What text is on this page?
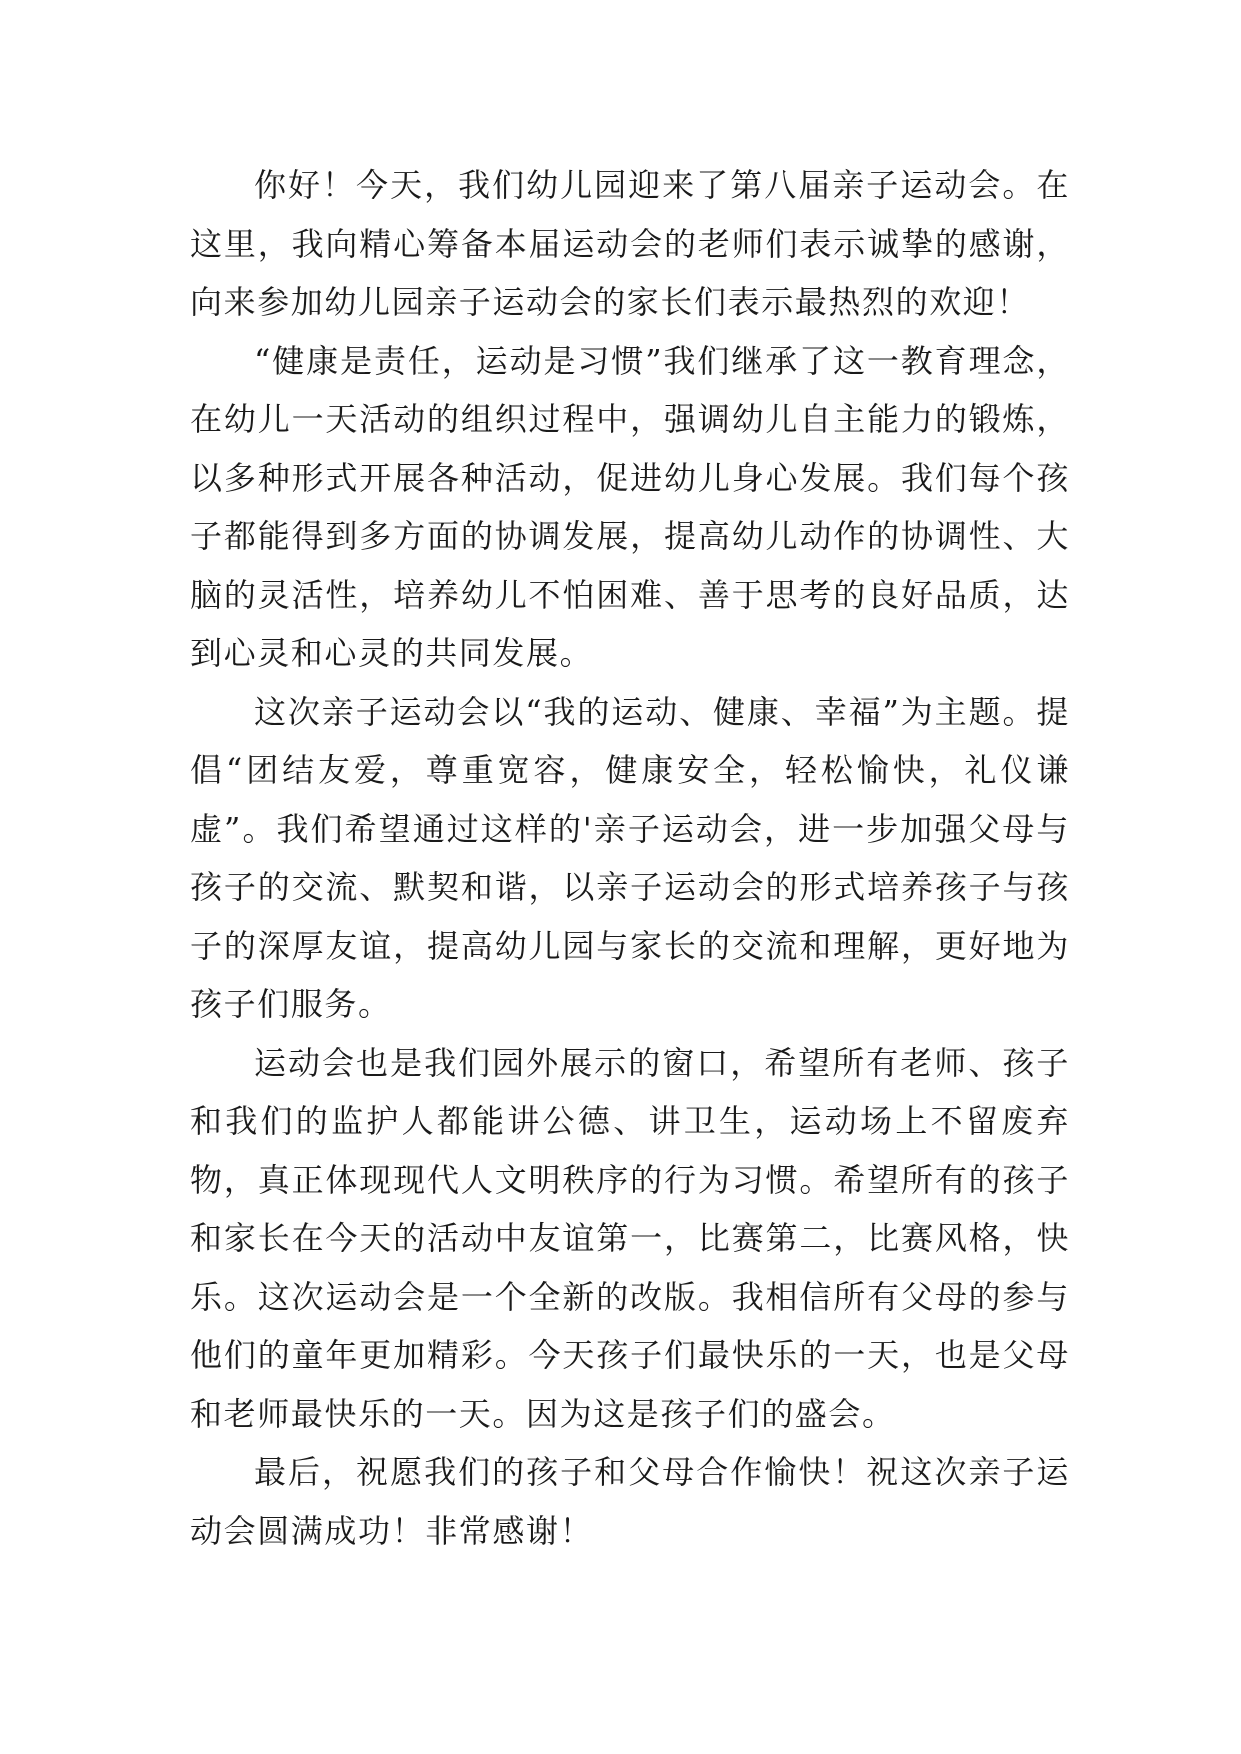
你好！今天，我们幼儿园迎来了第八届亲子运动会。在这里，我向精心筹备本届运动会的老师们表示诚挚的感谢，向来参加幼儿园亲子运动会的家长们表示最热烈的欢迎！

“健康是责任，运动是习惯”我们继承了这一教育理念，在幼儿一天活动的组织过程中，强调幼儿自主能力的锻炼，以多种形式开展各种活动，促进幼儿身心发展。我们每个孩子都能得到多方面的协调发展，提高幼儿动作的协调性、大脑的灵活性，培养幼儿不怕困难、善于思考的良好品质，达到心灵和心灵的共同发展。

这次亲子运动会以“我的运动、健康、幸福”为主题。提倡“团结友爱，尊重宽容，健康安全，轻松愉快，礼仪谦虚”。我们希望通过这样的'亲子运动会，进一步加强父母与孩子的交流、默契和谐，以亲子运动会的形式培养孩子与孩子的深厚友谊，提高幼儿园与家长的交流和理解，更好地为孩子们服务。

运动会也是我们园外展示的窗口，希望所有老师、孩子和我们的监护人都能讲公德、讲卫生，运动场上不留废弃物，真正体现现代人文明秩序的行为习惯。希望所有的孩子和家长在今天的活动中友谊第一，比赛第二，比赛风格，快乐。这次运动会是一个全新的改版。我相信所有父母的参与他们的童年更加精彩。今天孩子们最快乐的一天，也是父母和老师最快乐的一天。因为这是孩子们的盛会。

最后，祝愿我们的孩子和父母合作愉快！祝这次亲子运动会圆满成功！非常感谢！
